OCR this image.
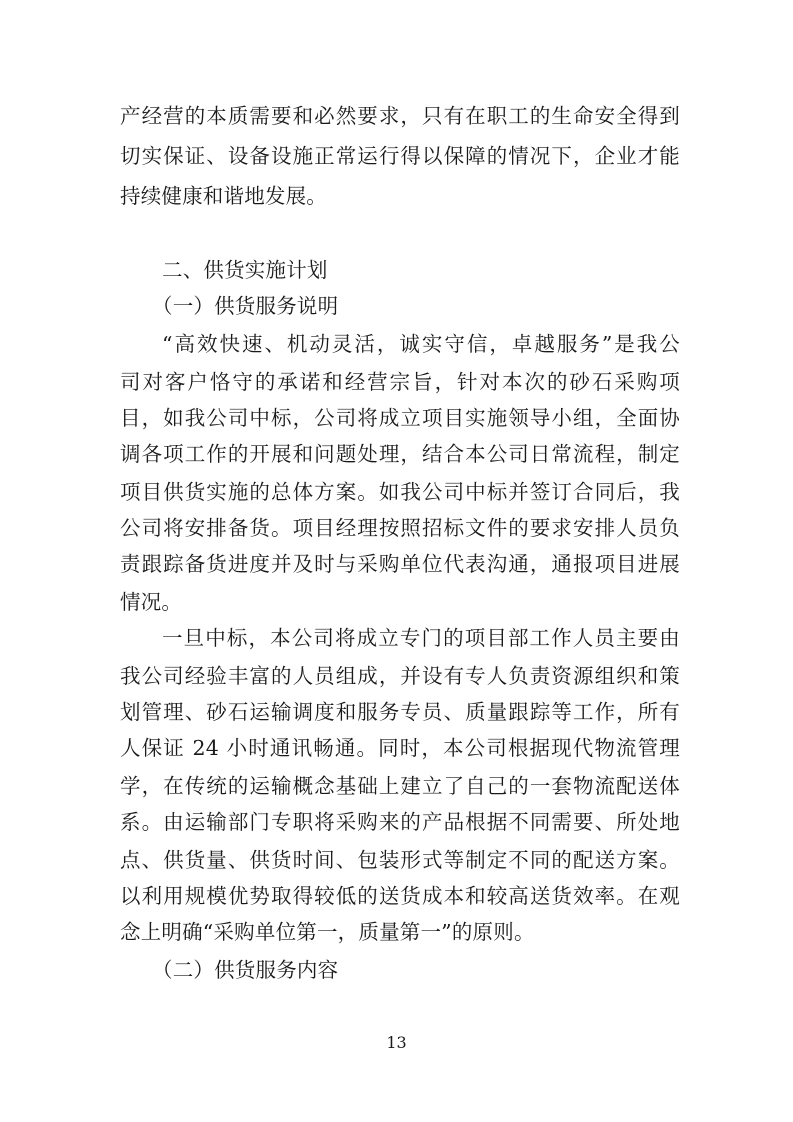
产经营的本质需要和必然要求，只有在职工的生命安全得到
切实保证、设备设施正常运行得以保障的情况下，企业才能
持续健康和谐地发展。
二、供货实施计划
（一）供货服务说明
“高效快速、机动灵活，诚实守信，卓越服务”是我公
司对客户恪守的承诺和经营宗旨，针对本次的砂石采购项
目，如我公司中标，公司将成立项目实施领导小组，全面协
调各项工作的开展和问题处理，结合本公司日常流程，制定
项目供货实施的总体方案。如我公司中标并签订合同后，我
公司将安排备货。项目经理按照招标文件的要求安排人员负
责跟踪备货进度并及时与采购单位代表沟通，通报项目进展
情况。
一旦中标，本公司将成立专门的项目部工作人员主要由
我公司经验丰富的人员组成，并设有专人负责资源组织和策
划管理、砂石运输调度和服务专员、质量跟踪等工作，所有
人保证 24 小时通讯畅通。同时，本公司根据现代物流管理
学，在传统的运输概念基础上建立了自己的一套物流配送体
系。由运输部门专职将采购来的产品根据不同需要、所处地
点、供货量、供货时间、包装形式等制定不同的配送方案。
以利用规模优势取得较低的送货成本和较高送货效率。在观
念上明确“采购单位第一，质量第一”的原则。
（二）供货服务内容
13
